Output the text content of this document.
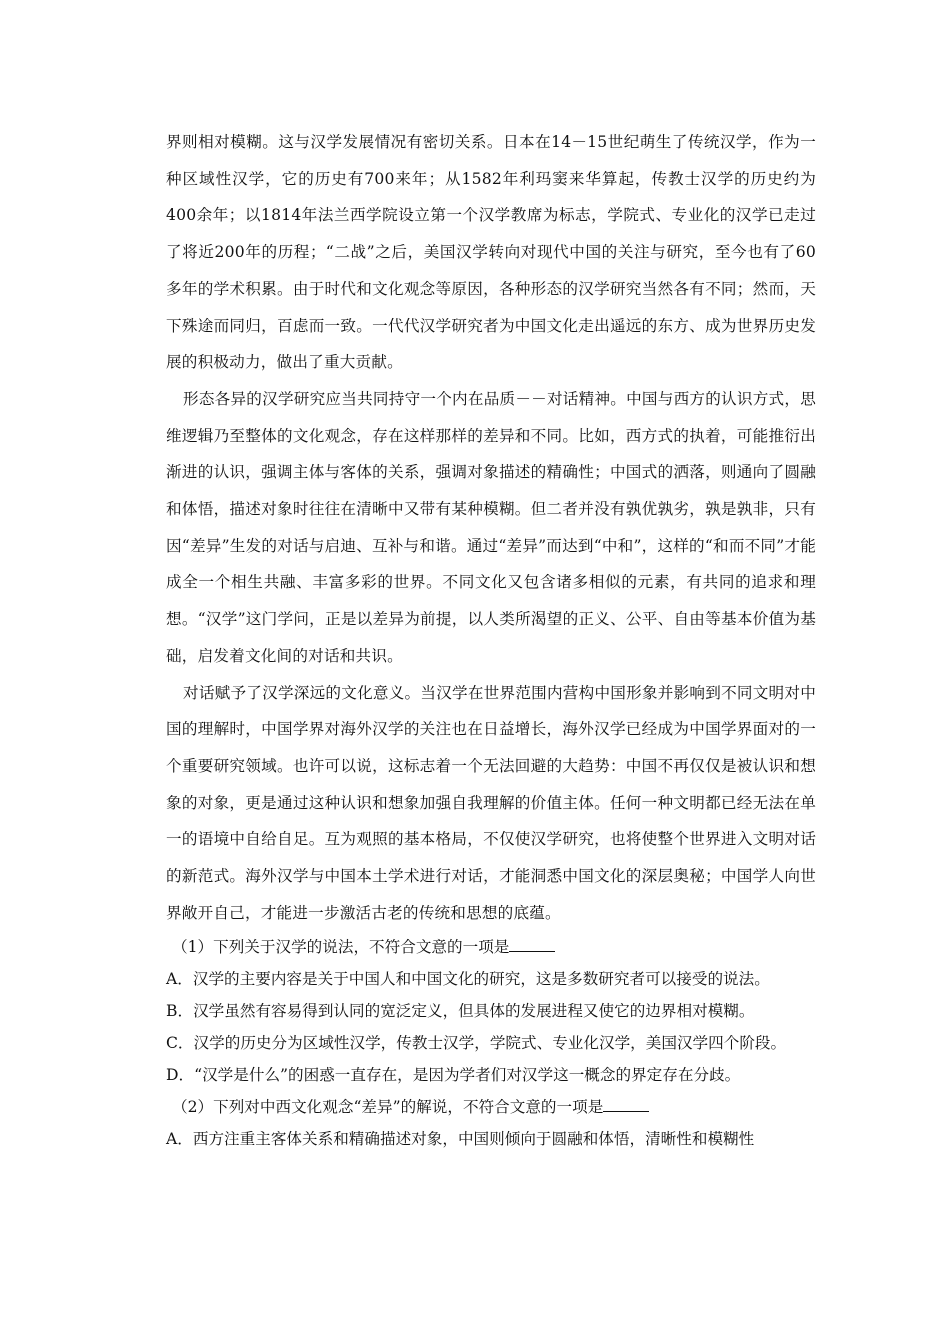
界则相对模糊。这与汉学发展情况有密切关系。日本在14－15世纪萌生了传统汉学，作为一种区域性汉学，它的历史有700来年；从1582年利玛窦来华算起，传教士汉学的历史约为400余年；以1814年法兰西学院设立第一个汉学教席为标志，学院式、专业化的汉学已走过了将近200年的历程；“二战”之后，美国汉学转向对现代中国的关注与研究，至今也有了60多年的学术积累。由于时代和文化观念等原因，各种形态的汉学研究当然各有不同；然而，天下殊途而同归，百虑而一致。一代代汉学研究者为中国文化走出遥远的东方、成为世界历史发展的积极动力，做出了重大贡献。

形态各异的汉学研究应当共同持守一个内在品质－－对话精神。中国与西方的认识方式，思维逻辑乃至整体的文化观念，存在这样那样的差异和不同。比如，西方式的执着，可能推衍出渐进的认识，强调主体与客体的关系，强调对象描述的精确性；中国式的洒落，则通向了圆融和体悟，描述对象时往往在清晰中又带有某种模糊。但二者并没有孰优孰劣，孰是孰非，只有因“差异”生发的对话与启迪、互补与和谐。通过“差异”而达到“中和”，这样的“和而不同”才能成全一个相生共融、丰富多彩的世界。不同文化又包含诸多相似的元素，有共同的追求和理想。“汉学”这门学问，正是以差异为前提，以人类所渴望的正义、公平、自由等基本价值为基础，启发着文化间的对话和共识。

对话赋予了汉学深远的文化意义。当汉学在世界范围内营构中国形象并影响到不同文明对中国的理解时，中国学界对海外汉学的关注也在日益增长，海外汉学已经成为中国学界面对的一个重要研究领域。也许可以说，这标志着一个无法回避的大趋势：中国不再仅仅是被认识和想象的对象，更是通过这种认识和想象加强自我理解的价值主体。任何一种文明都已经无法在单一的语境中自给自足。互为观照的基本格局，不仅使汉学研究，也将使整个世界进入文明对话的新范式。海外汉学与中国本土学术进行对话，才能洞悉中国文化的深层奥秘；中国学人向世界敞开自己，才能进一步激活古老的传统和思想的底蕴。

（1）下列关于汉学的说法，不符合文意的一项是

A．汉学的主要内容是关于中国人和中国文化的研究，这是多数研究者可以接受的说法。

B．汉学虽然有容易得到认同的宽泛定义，但具体的发展进程又使它的边界相对模糊。

C．汉学的历史分为区域性汉学，传教士汉学，学院式、专业化汉学，美国汉学四个阶段。

D．“汉学是什么”的困惑一直存在，是因为学者们对汉学这一概念的界定存在分歧。

（2）下列对中西文化观念“差异”的解说，不符合文意的一项是

A．西方注重主客体关系和精确描述对象，中国则倾向于圆融和体悟，清晰性和模糊性
